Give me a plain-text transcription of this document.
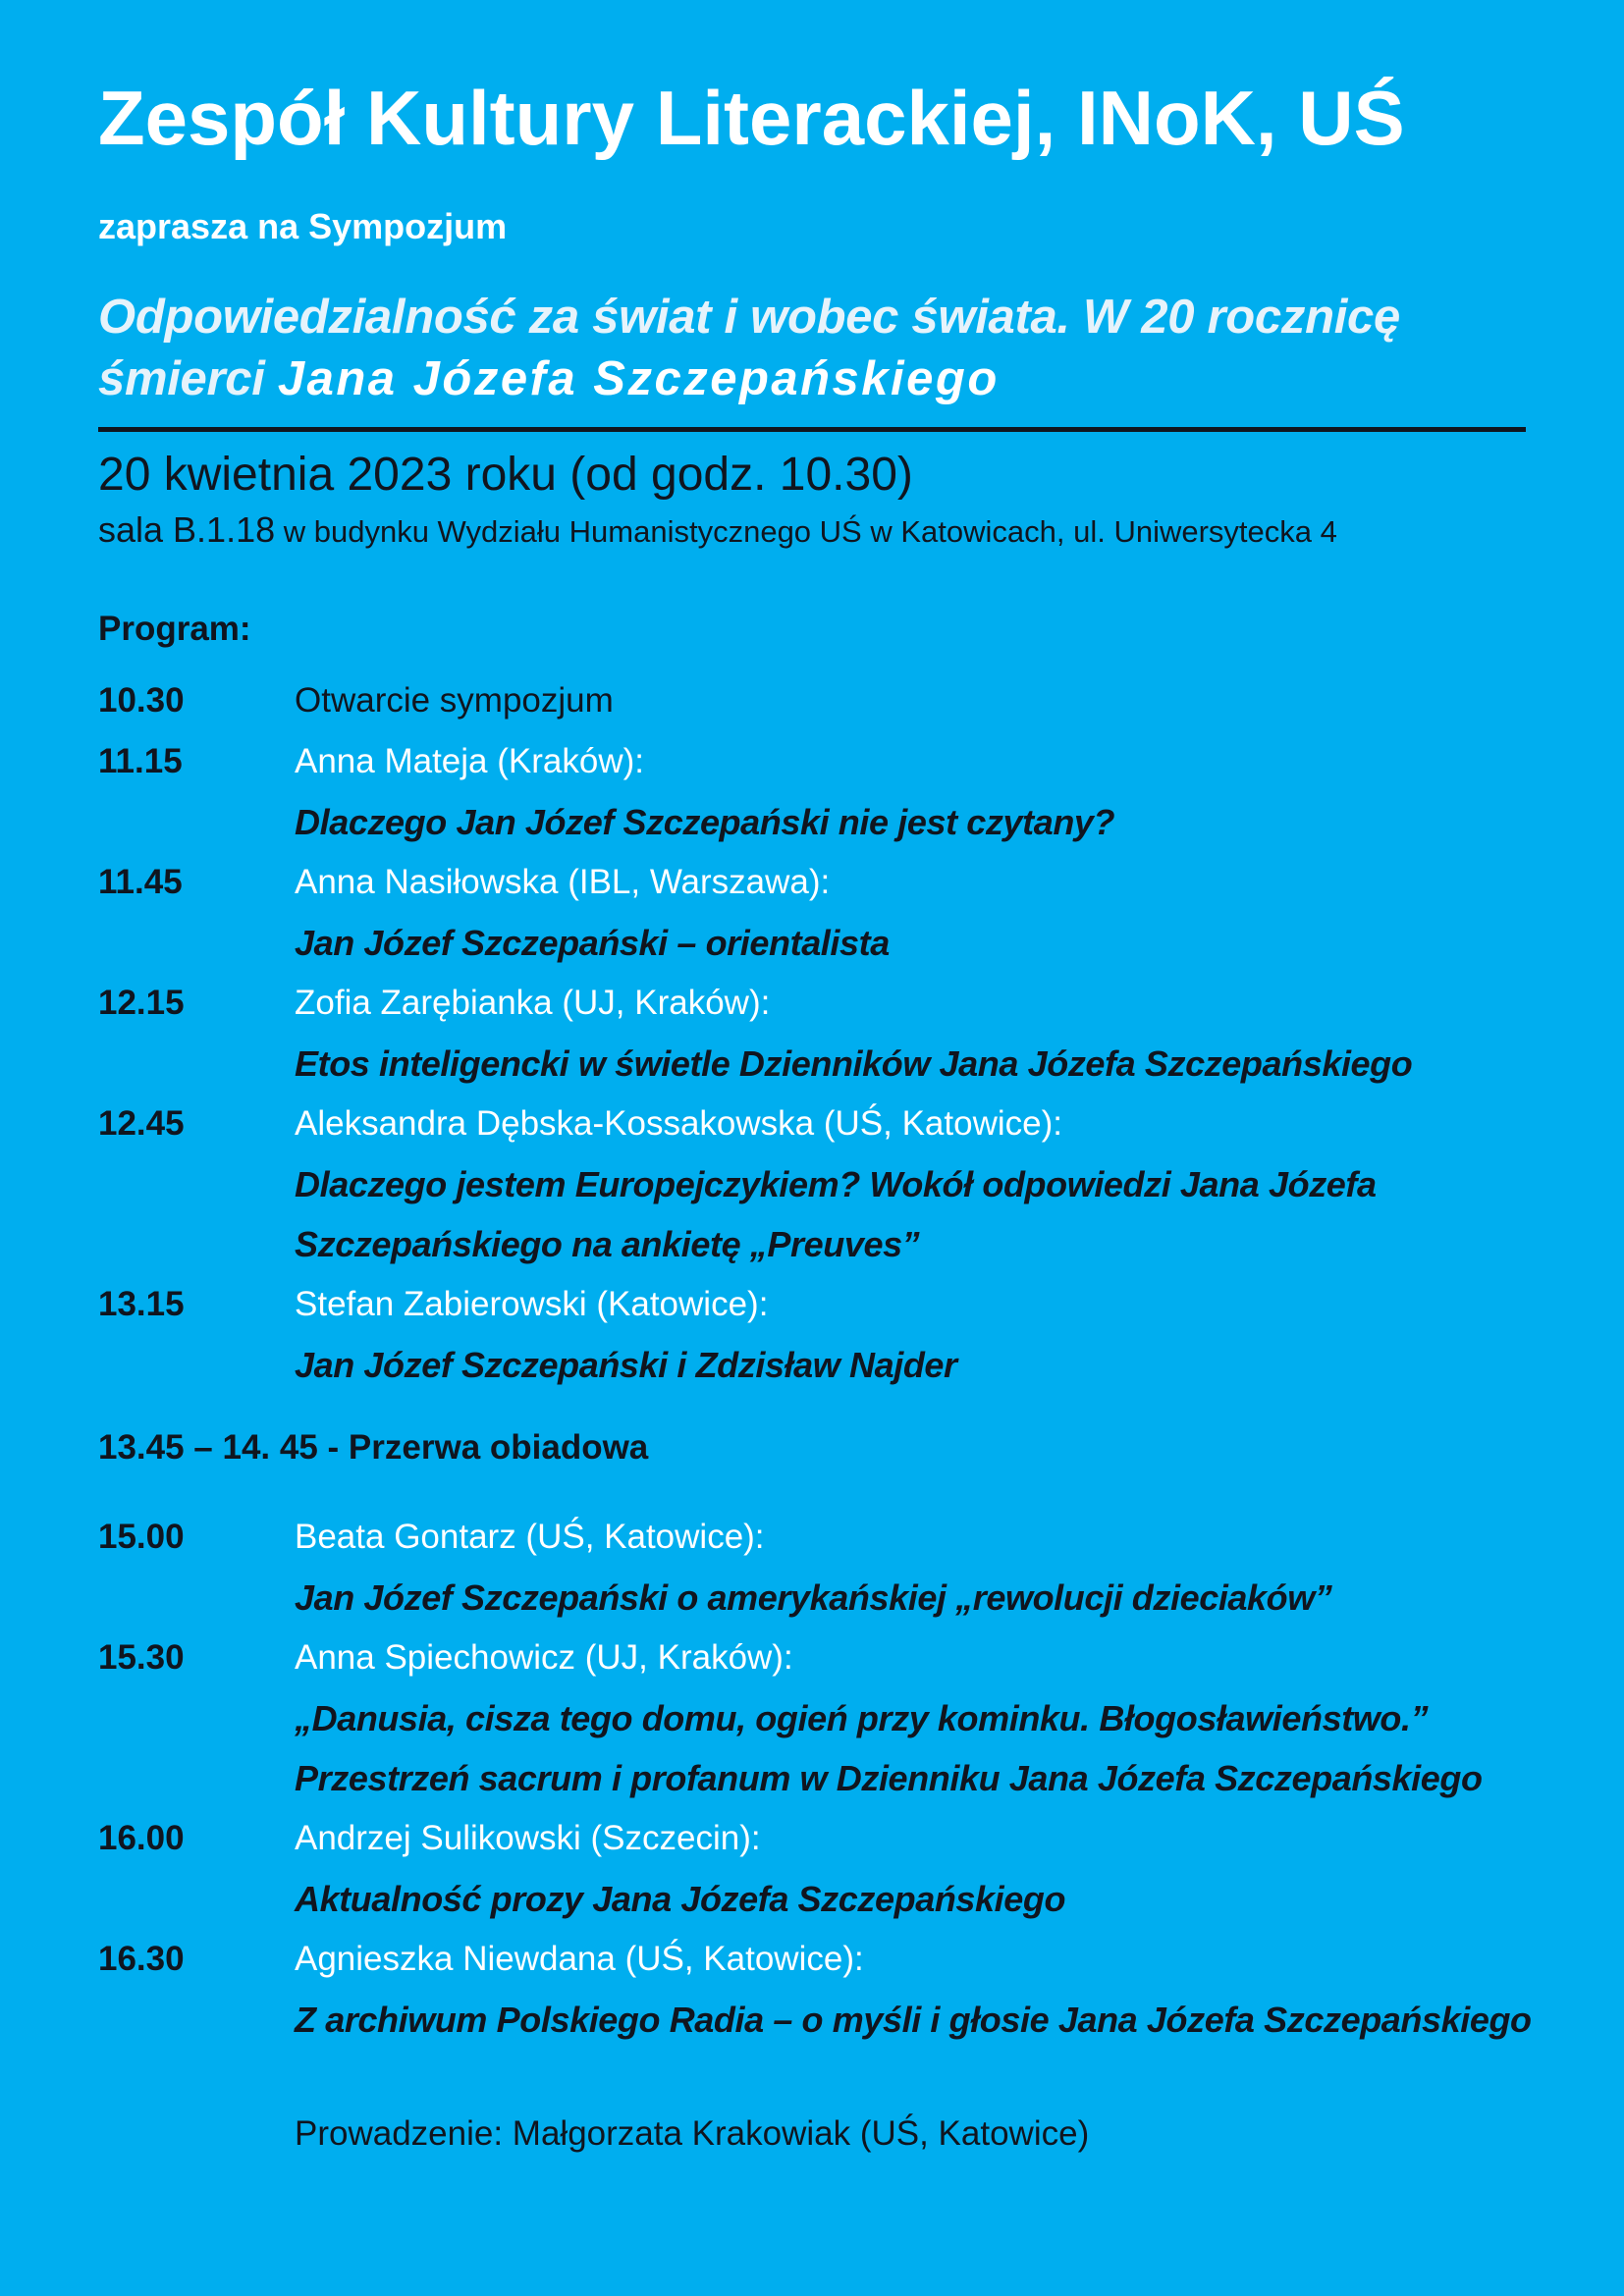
Zespół Kultury Literackiej, INoK, UŚ
zaprasza na Sympozjum
Odpowiedzialność za świat i wobec świata. W 20 rocznicę śmierci Jana Józefa Szczepańskiego
20 kwietnia 2023 roku (od godz. 10.30)
sala B.1.18 w budynku Wydziału Humanistycznego UŚ w Katowicach, ul. Uniwersytecka 4
Program:
10.30	Otwarcie sympozjum
11.15	Anna Mateja (Kraków):
Dlaczego Jan Józef Szczepański nie jest czytany?
11.45	Anna Nasiłowska (IBL, Warszawa):
Jan Józef Szczepański – orientalista
12.15	Zofia Zarębianka (UJ, Kraków):
Etos inteligencki w świetle Dzienników Jana Józefa Szczepańskiego
12.45	Aleksandra Dębska-Kossakowska (UŚ, Katowice):
Dlaczego jestem Europejczykiem? Wokół odpowiedzi Jana Józefa
Szczepańskiego na ankietę „Preuves”
13.15	Stefan Zabierowski (Katowice):
Jan Józef Szczepański i Zdzisław Najder
13.45 – 14. 45 - Przerwa obiadowa
15.00	Beata Gontarz (UŚ, Katowice):
Jan Józef Szczepański o amerykańskiej „rewolucji dzieciaków”
15.30	Anna Spiechowicz (UJ, Kraków):
„Danusia, cisza tego domu, ogień przy kominku. Błogosławieństwo.”
Przestrzeń sacrum i profanum w Dzienniku Jana Józefa Szczepańskiego
16.00	Andrzej Sulikowski (Szczecin):
Aktualność prozy Jana Józefa Szczepańskiego
16.30	Agnieszka Niewdana (UŚ, Katowice):
Z archiwum Polskiego Radia – o myśli i głosie Jana Józefa Szczepańskiego
Prowadzenie: Małgorzata Krakowiak (UŚ, Katowice)
